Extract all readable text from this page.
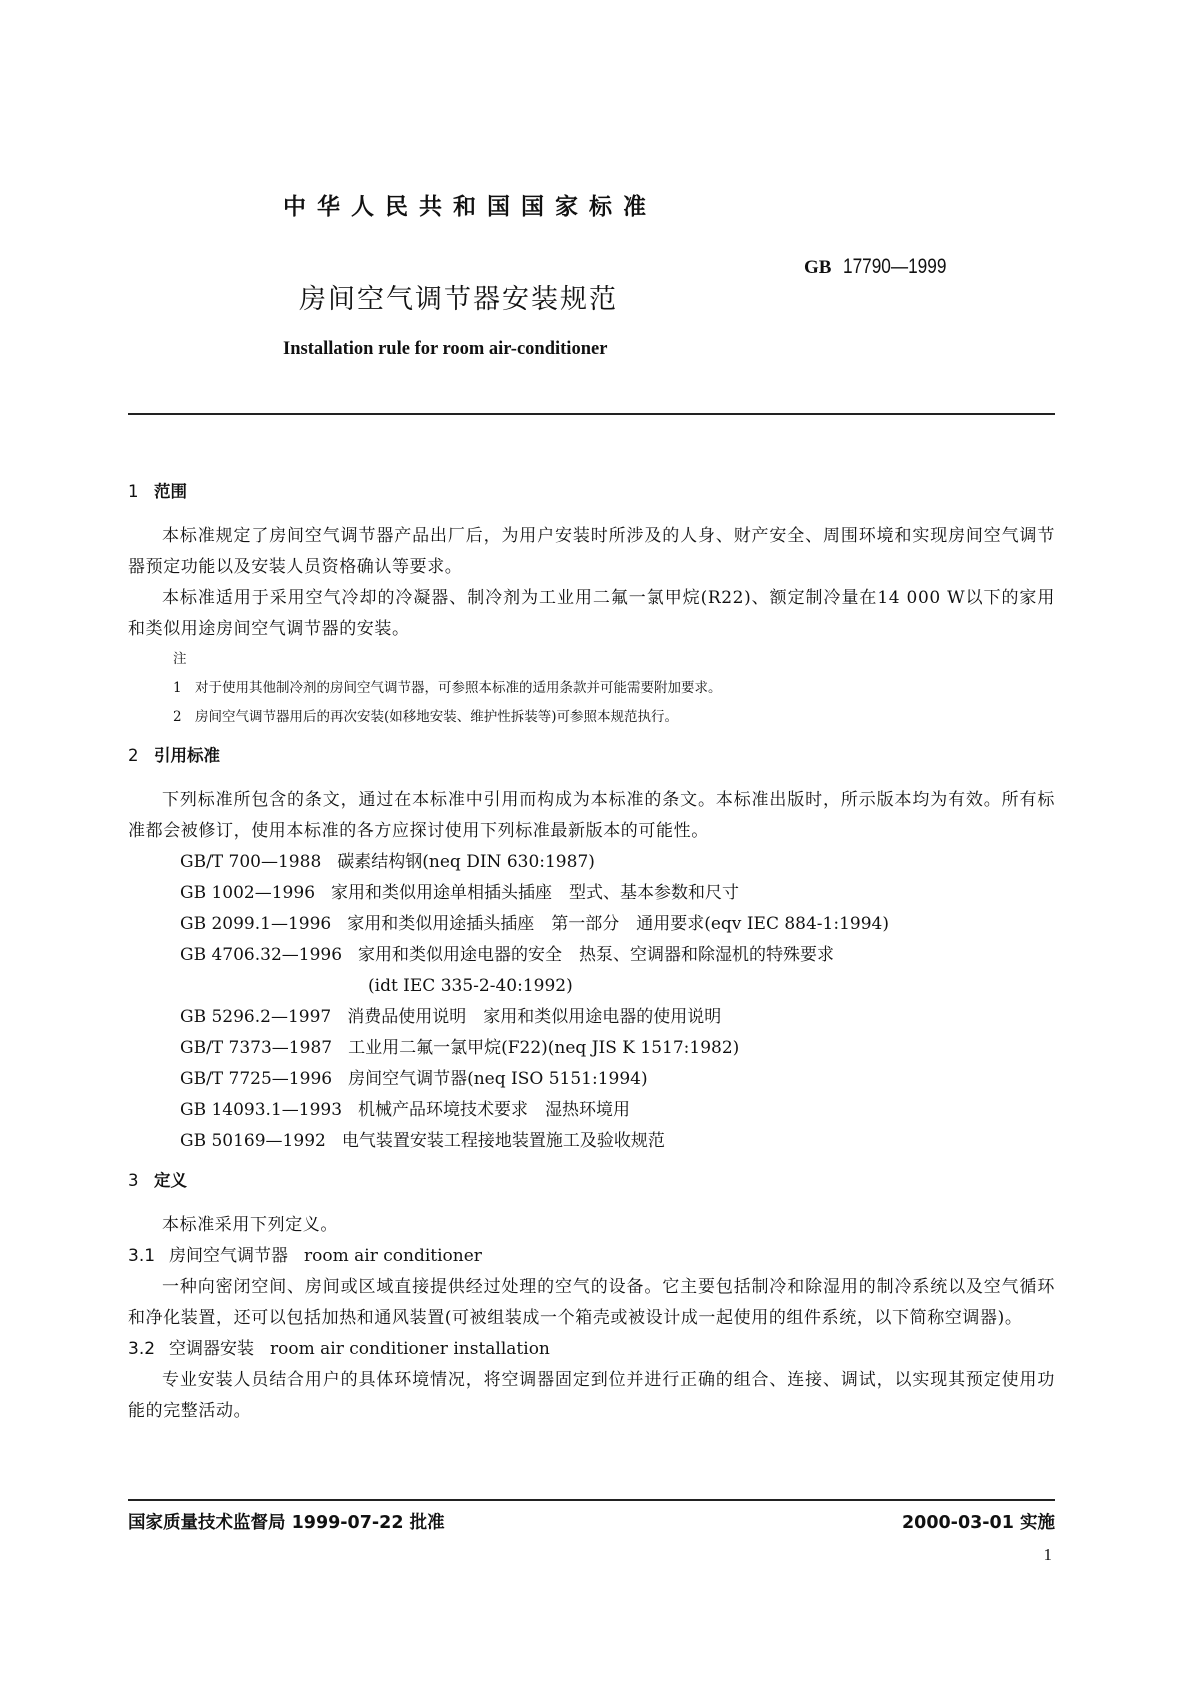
中华人民共和国国家标准
GB 17790—1999
房间空气调节器安装规范
Installation rule for room air-conditioner
1 范围

本标准规定了房间空气调节器产品出厂后，为用户安装时所涉及的人身、财产安全、周围环境和实现房间空气调节器预定功能以及安装人员资格确认等要求。

本标准适用于采用空气冷却的冷凝器、制冷剂为工业用二氟一氯甲烷(R22)、额定制冷量在14 000 W以下的家用和类似用途房间空气调节器的安装。

注

1 对于使用其他制冷剂的房间空气调节器，可参照本标准的适用条款并可能需要附加要求。

2 房间空气调节器用后的再次安装(如移地安装、维护性拆装等)可参照本规范执行。

2 引用标准

下列标准所包含的条文，通过在本标准中引用而构成为本标准的条文。本标准出版时，所示版本均为有效。所有标准都会被修订，使用本标准的各方应探讨使用下列标准最新版本的可能性。

GB/T 700—1988 碳素结构钢(neq DIN 630:1987)
GB 1002—1996 家用和类似用途单相插头插座 型式、基本参数和尺寸
GB 2099.1—1996 家用和类似用途插头插座 第一部分 通用要求(eqv IEC 884-1:1994)
GB 4706.32—1996 家用和类似用途电器的安全 热泵、空调器和除湿机的特殊要求
(idt IEC 335-2-40:1992)
GB 5296.2—1997 消费品使用说明 家用和类似用途电器的使用说明
GB/T 7373—1987 工业用二氟一氯甲烷(F22)(neq JIS K 1517:1982)
GB/T 7725—1996 房间空气调节器(neq ISO 5151:1994)
GB 14093.1—1993 机械产品环境技术要求 湿热环境用
GB 50169—1992 电气装置安装工程接地装置施工及验收规范
3 定义

本标准采用下列定义。

3.1 房间空气调节器 room air conditioner

一种向密闭空间、房间或区域直接提供经过处理的空气的设备。它主要包括制冷和除湿用的制冷系统以及空气循环和净化装置，还可以包括加热和通风装置(可被组装成一个箱壳或被设计成一起使用的组件系统，以下简称空调器)。

3.2 空调器安装 room air conditioner installation

专业安装人员结合用户的具体环境情况，将空调器固定到位并进行正确的组合、连接、调试，以实现其预定使用功能的完整活动。

国家质量技术监督局 1999-07-22 批准	2000-03-01 实施
1
